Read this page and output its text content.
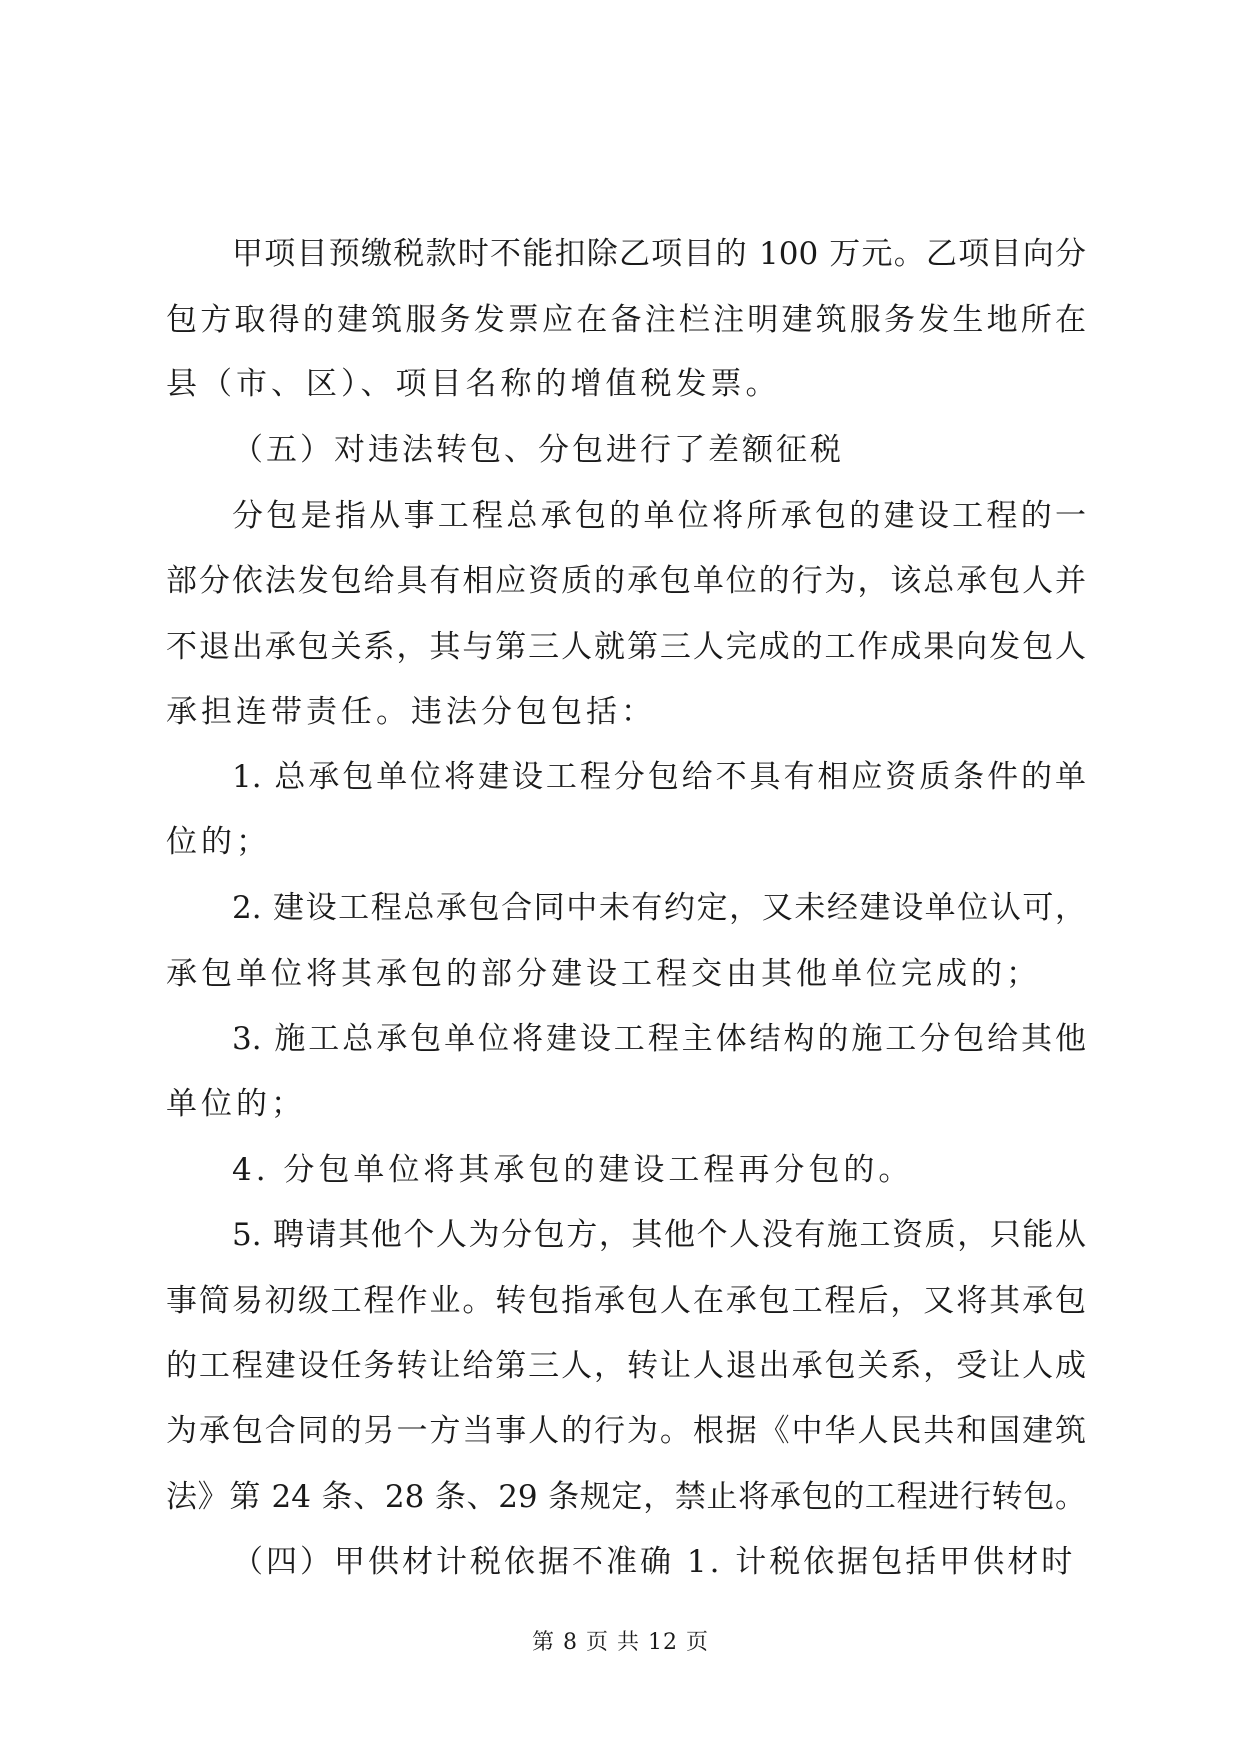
甲项目预缴税款时不能扣除乙项目的 100 万元。乙项目向分
包方取得的建筑服务发票应在备注栏注明建筑服务发生地所在
县（市、区）、项目名称的增值税发票。
（五）对违法转包、分包进行了差额征税
分包是指从事工程总承包的单位将所承包的建设工程的一
部分依法发包给具有相应资质的承包单位的行为，该总承包人并
不退出承包关系，其与第三人就第三人完成的工作成果向发包人
承担连带责任。违法分包包括：
1. 总承包单位将建设工程分包给不具有相应资质条件的单
位的；
2. 建设工程总承包合同中未有约定，又未经建设单位认可，
承包单位将其承包的部分建设工程交由其他单位完成的；
3. 施工总承包单位将建设工程主体结构的施工分包给其他
单位的；
4. 分包单位将其承包的建设工程再分包的。
5. 聘请其他个人为分包方，其他个人没有施工资质，只能从
事简易初级工程作业。转包指承包人在承包工程后，又将其承包
的工程建设任务转让给第三人，转让人退出承包关系，受让人成
为承包合同的另一方当事人的行为。根据《中华人民共和国建筑
法》第 24 条、28 条、29 条规定，禁止将承包的工程进行转包。
（四）甲供材计税依据不准确 1. 计税依据包括甲供材时
第 8 页 共 12 页
